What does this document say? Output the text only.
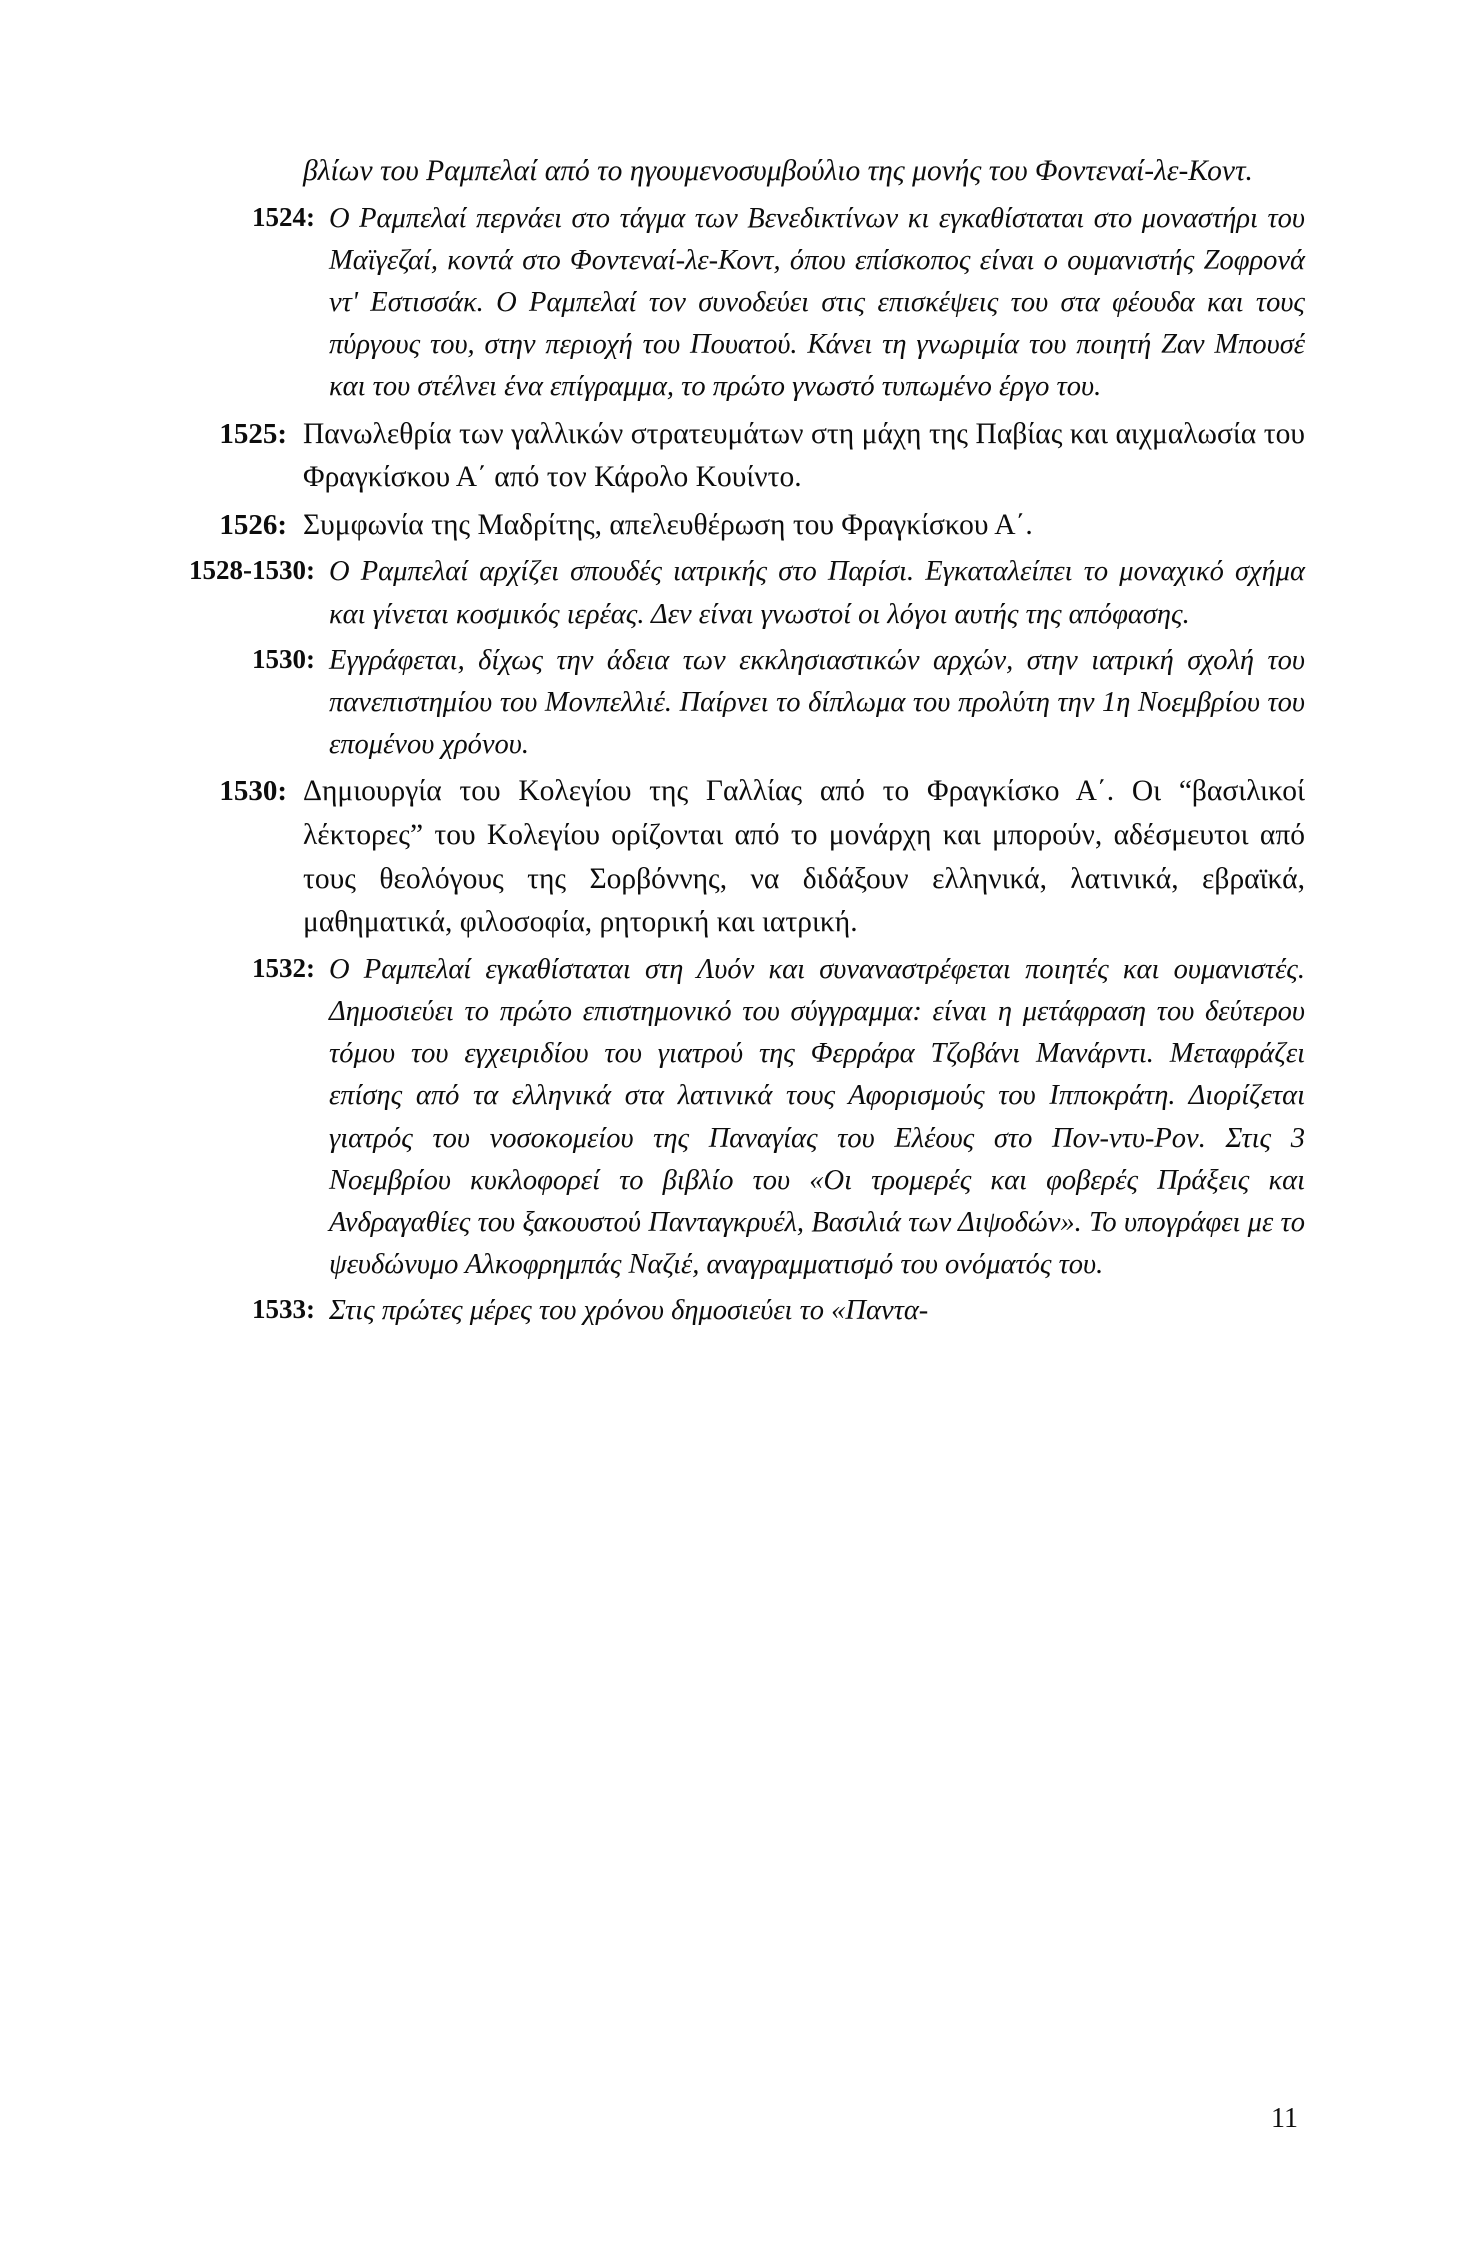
βλίων του Ραμπελαί από το ηγουμενοσυμβούλιο της μονής του Φοντεναί-λε-Κοντ.

1524: Ο Ραμπελαί περνάει στο τάγμα των Βενεδικτίνων κι εγκαθίσταται στο μοναστήρι του Μαϊγεζαί, κοντά στο Φοντεναί-λε-Κοντ, όπου επίσκοπος είναι ο ουμανιστής Ζοφρονά ντ' Εστισσάκ. Ο Ραμπελαί τον συνοδεύει στις επισκέψεις του στα φέουδα και τους πύργους του, στην περιοχή του Πουατού. Κάνει τη γνωριμία του ποιητή Ζαν Μπουσέ και του στέλνει ένα επίγραμμα, το πρώτο γνωστό τυπωμένο έργο του.
1525: Πανωλεθρία των γαλλικών στρατευμάτων στη μάχη της Παβίας και αιχμαλωσία του Φραγκίσκου Α΄ από τον Κάρολο Κουίντο.
1526: Συμφωνία της Μαδρίτης, απελευθέρωση του Φραγκίσκου Α΄.
1528-1530: Ο Ραμπελαί αρχίζει σπουδές ιατρικής στο Παρίσι. Εγκαταλείπει το μοναχικό σχήμα και γίνεται κοσμικός ιερέας. Δεν είναι γνωστοί οι λόγοι αυτής της απόφασης.
1530: Εγγράφεται, δίχως την άδεια των εκκλησιαστικών αρχών, στην ιατρική σχολή του πανεπιστημίου του Μονπελλιέ. Παίρνει το δίπλωμα του προλύτη την 1η Νοεμβρίου του επομένου χρόνου.
1530: Δημιουργία του Κολεγίου της Γαλλίας από το Φραγκίσκο Α΄. Οι “βασιλικοί λέκτορες” του Κολεγίου ορίζονται από το μονάρχη και μπορούν, αδέσμευτοι από τους θεολόγους της Σορβόννης, να διδάξουν ελληνικά, λατινικά, εβραϊκά, μαθηματικά, φιλοσοφία, ρητορική και ιατρική.
1532: Ο Ραμπελαί εγκαθίσταται στη Λυόν και συναναστρέφεται ποιητές και ουμανιστές. Δημοσιεύει το πρώτο επιστημονικό του σύγγραμμα: είναι η μετάφραση του δεύτερου τόμου του εγχειριδίου του γιατρού της Φερράρα Τζοβάνι Μανάρντι. Μεταφράζει επίσης από τα ελληνικά στα λατινικά τους Αφορισμούς του Ιπποκράτη. Διορίζεται γιατρός του νοσοκομείου της Παναγίας του Ελέους στο Πον-ντυ-Ρον. Στις 3 Νοεμβρίου κυκλοφορεί το βιβλίο του «Οι τρομερές και φοβερές Πράξεις και Ανδραγαθίες του ξακουστού Πανταγκρυέλ, Βασιλιά των Διψοδών». Το υπογράφει με το ψευδώνυμο Αλκοφρημπάς Ναζιέ, αναγραμματισμό του ονόματός του.
1533: Στις πρώτες μέρες του χρόνου δημοσιεύει το «Παντα-
11
